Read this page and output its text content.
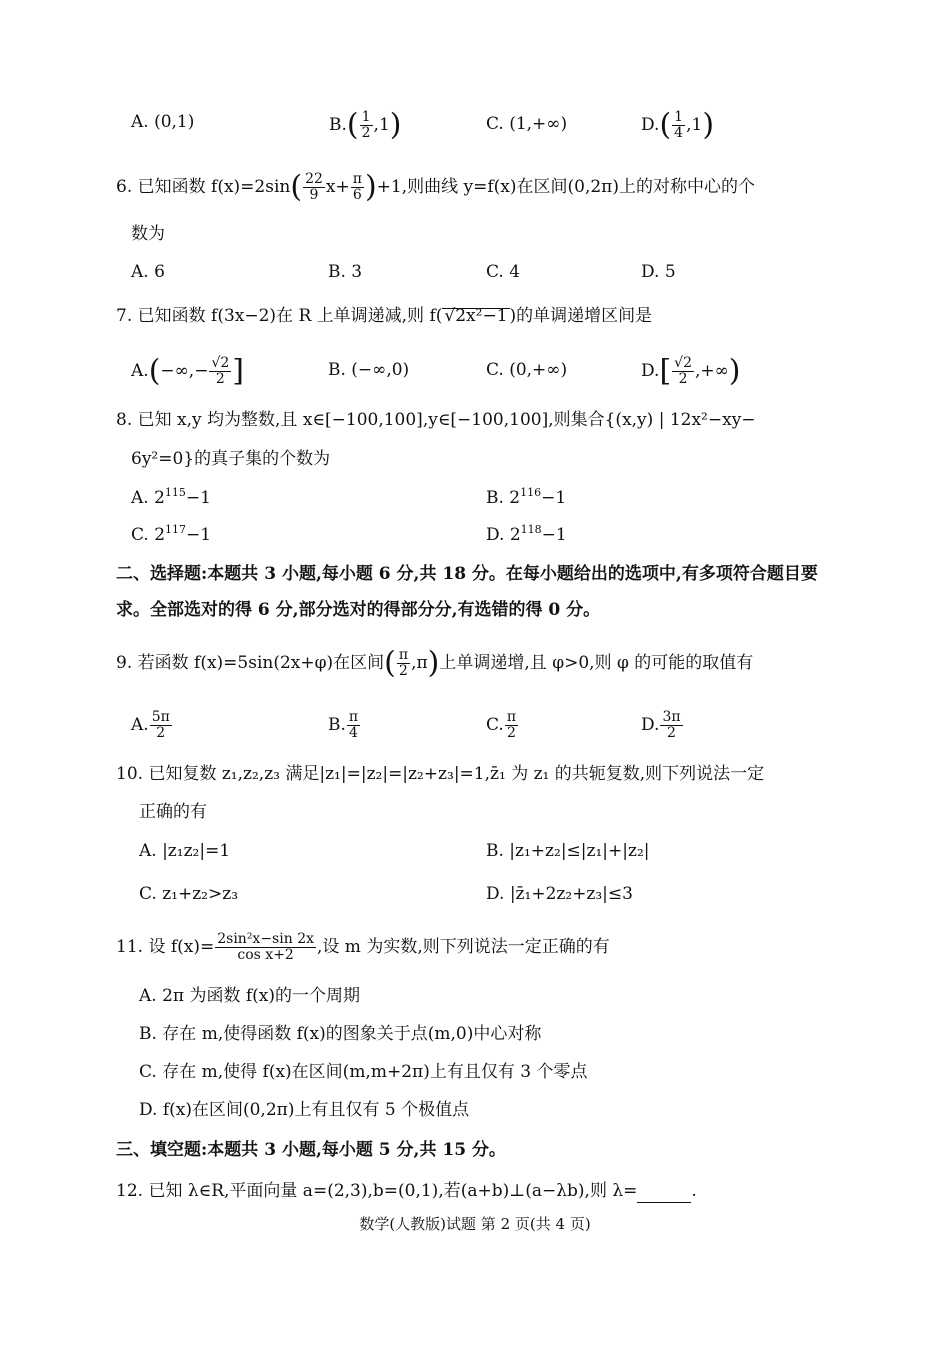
A. (0,1)	$B.( \frac{1}{2} ,1)$	C. (1,+∞)	$D.( \frac{1}{4} ,1)$
6. 已知函数 $f(x)=2\sin( \frac{22}{9} x+ \frac{\pi}{6} )+1$,则曲线 y=f(x)在区间(0,2π)上的对称中心的个
数为
A. 6	B. 3	C. 4	D. 5
7. 已知函数 f(3x−2)在 R 上单调递减,则 f( √2x²−1 )的单调递增区间是
$A.(-\infty,- \frac{√2}{2}$ ]	B. (−∞,0)	C. (0,+∞)	$D.[ \frac{√2}{2}$ ,+∞)
8. 已知 x,y 均为整数,且 x∈[−100,100],y∈[−100,100],则集合{(x,y) | 12x²−xy−
6y²=0}的真子集的个数为
A. $2^{115}-1$	B. $2^{116}-1$
C. $2^{117}-1$	D. $2^{118}-1$
二、选择题:本题共 3 小题,每小题 6 分,共 18 分。在每小题给出的选项中,有多项符合题目要
求。全部选对的得 6 分,部分选对的得部分分,有选错的得 0 分。
9. 若函数 f(x)=5sin(2x+φ)在区间( $\frac{\pi}{2} ,\pi$)上单调递增,且 φ>0,则 φ 的可能的取值有
A. $\frac{5\pi}{2}$	B. $\frac{\pi}{4}$	C. $\frac{\pi}{2}$	D. $\frac{3\pi}{2}$
10. 已知复数 z₁,z₂,z₃ 满足|z₁|=|z₂|=|z₂+z₃|=1,z̄₁ 为 z₁ 的共轭复数,则下列说法一定
正确的有
A. |z₁z₂|=1	B. |z₁+z₂|≤|z₁|+|z₂|
C. z₁+z₂>z₃	D. |z̄₁+2z₂+z₃|≤3
11. 设 $f(x)= \frac{\text{2sin²x−sin 2x}}{\text{cos x+2}}$ ,设 m 为实数,则下列说法一定正确的有
A. 2π 为函数 f(x)的一个周期
B. 存在 m,使得函数 f(x)的图象关于点(m,0)中心对称
C. 存在 m,使得 f(x)在区间(m,m+2π)上有且仅有 3 个零点
D. f(x)在区间(0,2π)上有且仅有 5 个极值点
三、填空题:本题共 3 小题,每小题 5 分,共 15 分。
12. 已知 λ∈R,平面向量 a=(2,3),b=(0,1),若(a+b)⊥(a−λb),则 λ=	.
数学(人教版)试题 第 2 页(共 4 页)
